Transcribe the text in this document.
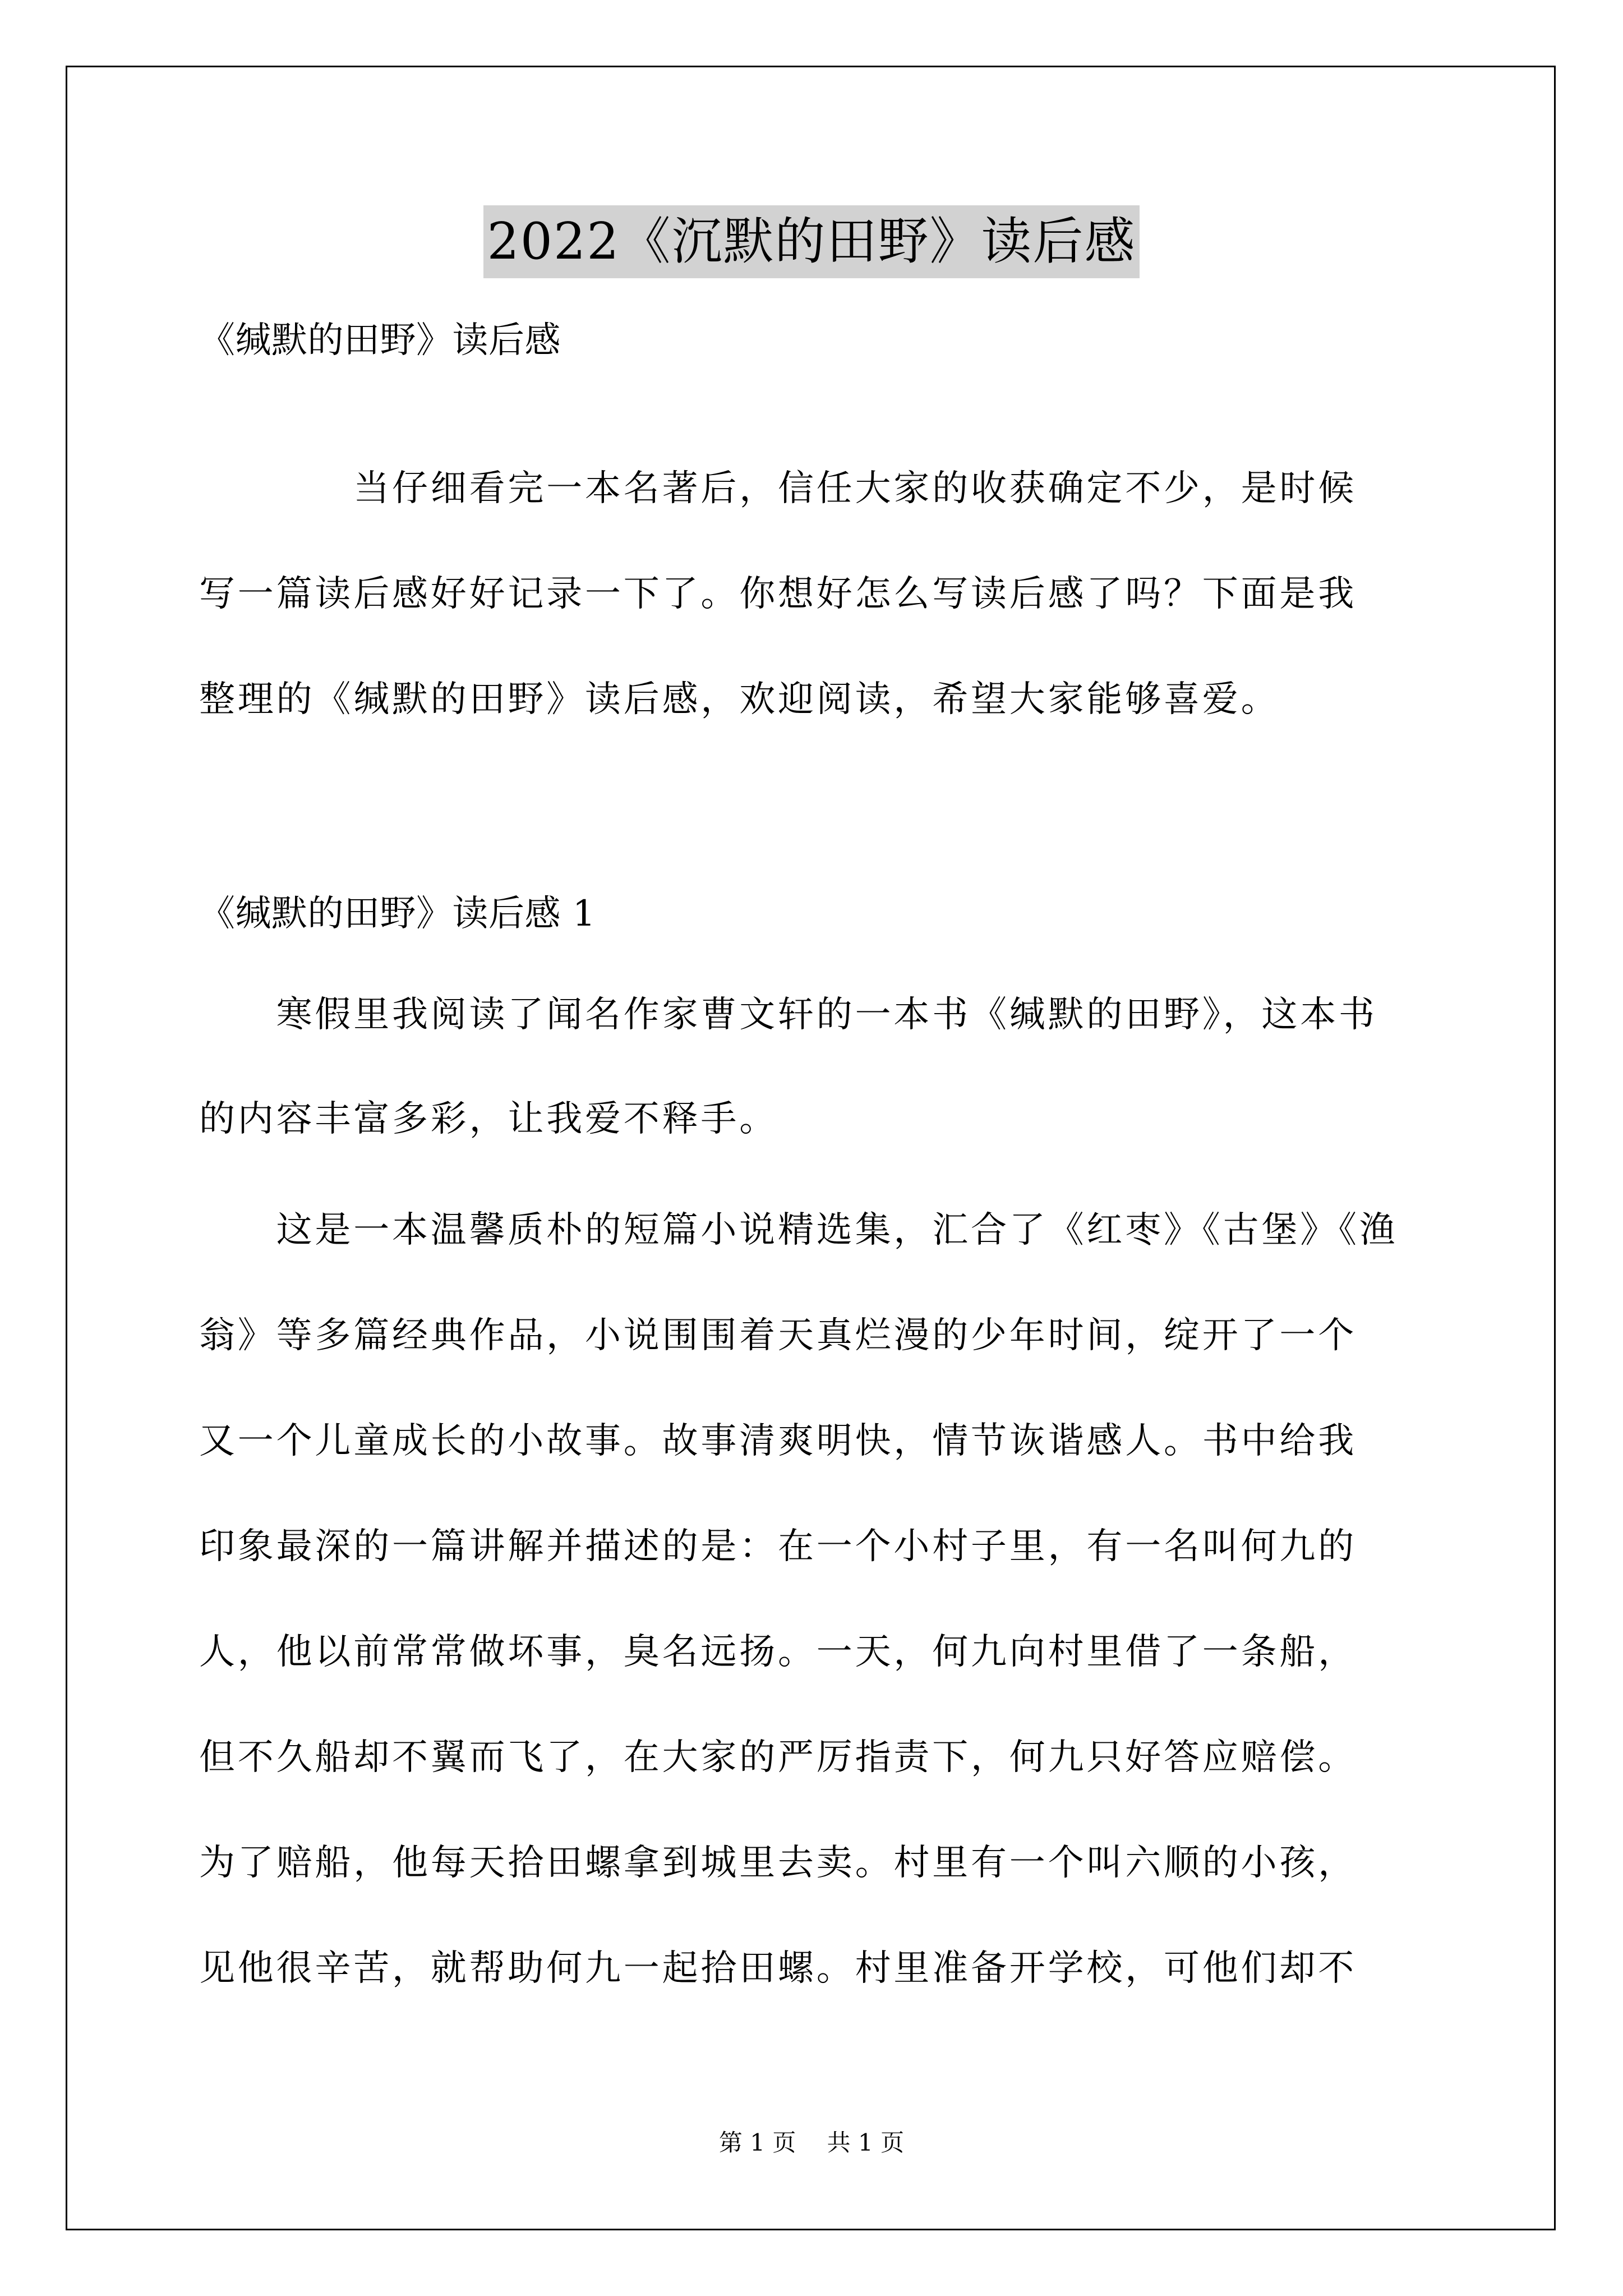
2022《沉默的田野》读后感

《缄默的田野》读后感

　　　　当仔细看完一本名著后，信任大家的收获确定不少，是时候

写一篇读后感好好记录一下了。你想好怎么写读后感了吗？下面是我

整理的《缄默的田野》读后感，欢迎阅读，希望大家能够喜爱。

《缄默的田野》读后感 1

　　寒假里我阅读了闻名作家曹文轩的一本书《缄默的田野》，这本书

的内容丰富多彩，让我爱不释手。

　　这是一本温馨质朴的短篇小说精选集，汇合了《红枣》《古堡》《渔

翁》等多篇经典作品，小说围围着天真烂漫的少年时间，绽开了一个

又一个儿童成长的小故事。故事清爽明快，情节诙谐感人。书中给我

印象最深的一篇讲解并描述的是：在一个小村子里，有一名叫何九的

人，他以前常常做坏事，臭名远扬。一天，何九向村里借了一条船，

但不久船却不翼而飞了，在大家的严厉指责下，何九只好答应赔偿。

为了赔船，他每天拾田螺拿到城里去卖。村里有一个叫六顺的小孩，

见他很辛苦，就帮助何九一起拾田螺。村里准备开学校，可他们却不

第 1 页　 共 1 页
